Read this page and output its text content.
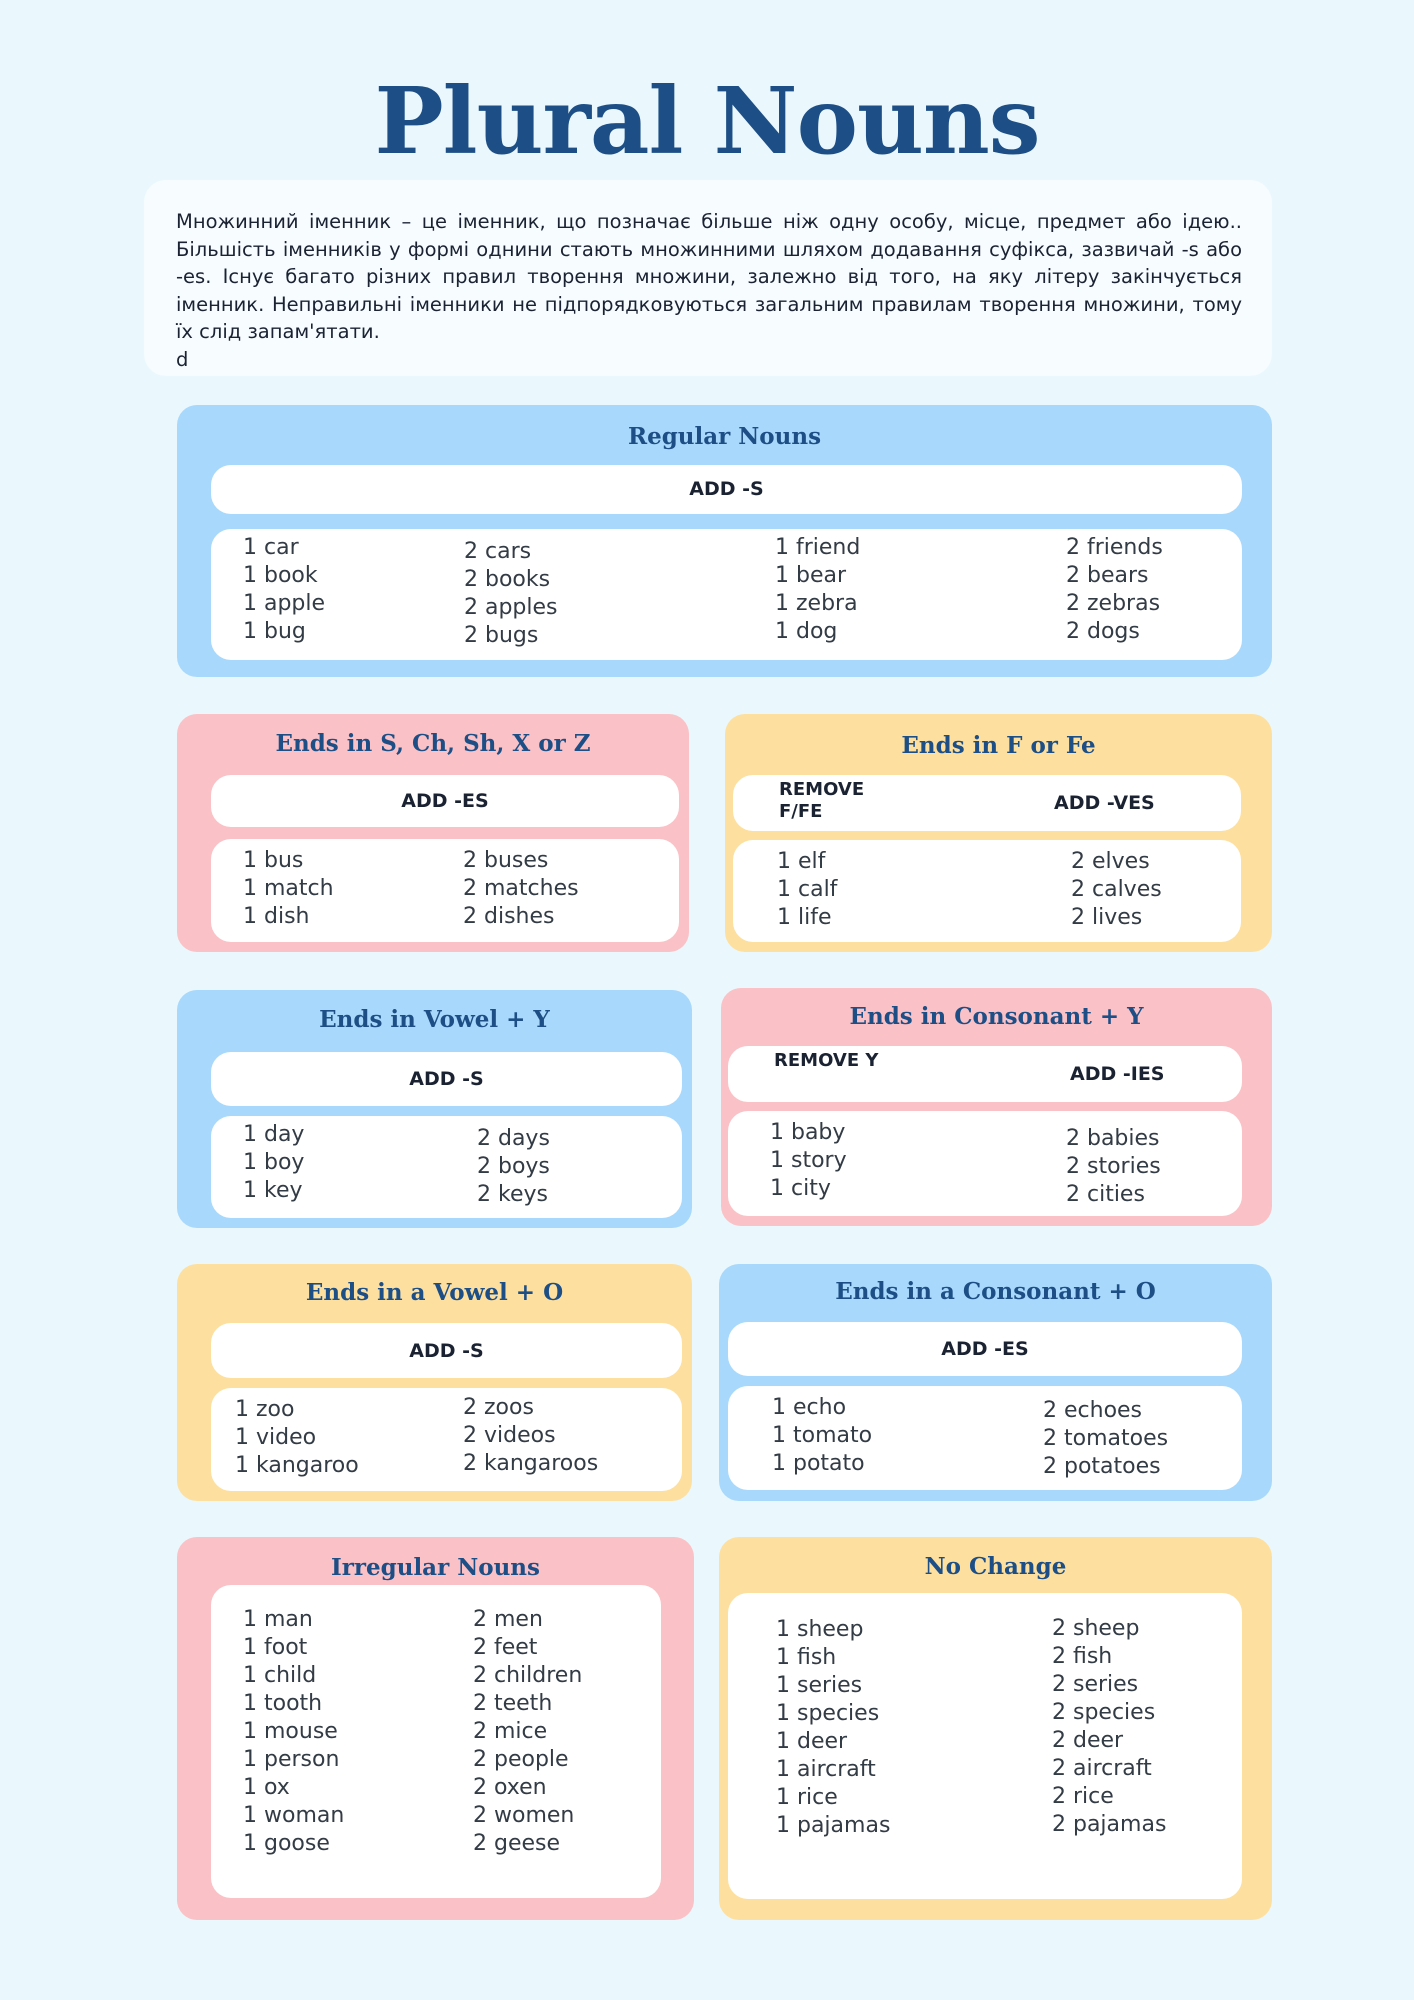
Plural Nouns

Множинний іменник – це іменник, що позначає більше ніж одну особу, місце, предмет або ідею.. Більшість іменників у формі однини стають множинними шляхом додавання суфікса, зазвичай -s або -es. Існує багато різних правил творення множини, залежно від того, на яку літеру закінчується іменник. Неправильні іменники не підпорядковуються загальним правилам творення множини, тому їх слід запам'ятати.

d

Regular Nouns
ADD -S
1 car
1 book
1 apple
1 bug
2 cars
2 books
2 apples
2 bugs
1 friend
1 bear
1 zebra
1 dog
2 friends
2 bears
2 zebras
2 dogs
Ends in S, Ch, Sh, X or Z
ADD -ES
1 bus
1 match
1 dish
2 buses
2 matches
2 dishes
Ends in F or Fe
REMOVE F/FE	ADD -VES
1 elf
1 calf
1 life
2 elves
2 calves
2 lives
Ends in Vowel + Y
ADD -S
1 day
1 boy
1 key
2 days
2 boys
2 keys
Ends in Consonant + Y
REMOVE Y
ADD -IES
1 baby
1 story
1 city
2 babies
2 stories
2 cities
Ends in a Vowel + O
ADD -S
1 zoo
1 video
1 kangaroo
2 zoos
2 videos
2 kangaroos
Ends in a Consonant + O
ADD -ES
1 echo
1 tomato
1 potato
2 echoes
2 tomatoes
2 potatoes
Irregular Nouns
1 man
1 foot
1 child
1 tooth
1 mouse
1 person
1 ox
1 woman
1 goose
2 men
2 feet
2 children
2 teeth
2 mice
2 people
2 oxen
2 women
2 geese
No Change
1 sheep
1 fish
1 series
1 species
1 deer
1 aircraft
1 rice
1 pajamas
2 sheep
2 fish
2 series
2 species
2 deer
2 aircraft
2 rice
2 pajamas
